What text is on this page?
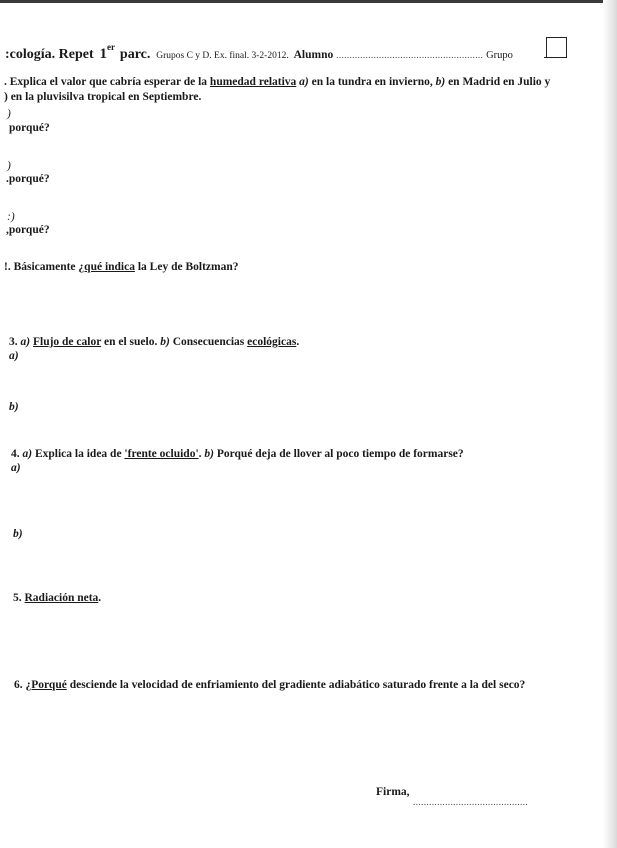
:cología. Repet 1er parc. Grupos C y D. Ex. final. 3-2-2012. Alumno ....................................................... Grupo
. Explica el valor que cabría esperar de la humedad relativa a) en la tundra en invierno, b) en Madrid en Julio y
) en la pluvisilva tropical en Septiembre.
)
porqué?
)
.porqué?
:)
,porqué?
!. Básicamente ¿qué indica la Ley de Boltzman?
3. a) Flujo de calor en el suelo. b) Consecuencias ecológicas.
a)
b)
4. a) Explica la idea de 'frente ocluido'. b) Porqué deja de llover al poco tiempo de formarse?
a)
b)
5. Radiación neta.
6. ¿Porqué desciende la velocidad de enfriamiento del gradiente adiabático saturado frente a la del seco?
Firma,
...........................................
